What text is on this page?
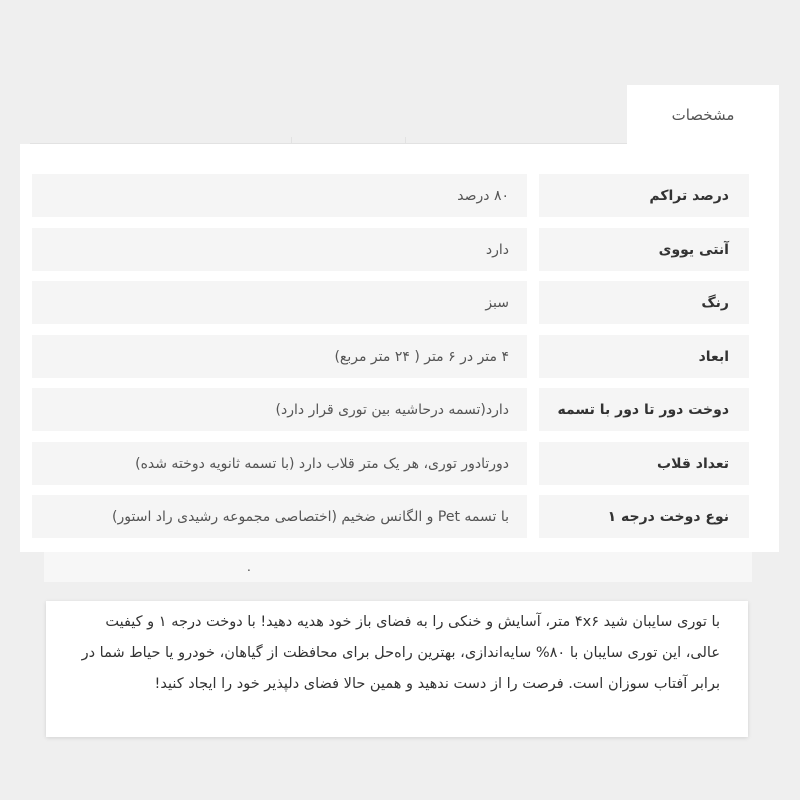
مشخصات
درصد تراکم
۸۰ درصد
آنتی یووی
دارد
رنگ
سبز
ابعاد
۴ متر در ۶ متر ( ۲۴ متر مربع)
دوخت دور تا دور با تسمه
دارد(تسمه درحاشیه بین توری قرار دارد)
تعداد قلاب
دورتادور توری، هر یک متر قلاب دارد (با تسمه ثانویه دوخته شده)
نوع دوخت درجه ۱
با تسمه Pet و الگانس ضخیم (اختصاصی مجموعه رشیدی راد استور)
.
با توری سایبان شید ۴x۶ متر، آسایش و خنکی را به فضای باز خود هدیه دهید! با دوخت درجه ۱ و کیفیت عالی، این توری سایبان با ۸۰% سایه‌اندازی، بهترین راه‌حل برای محافظت از گیاهان، خودرو یا حیاط شما در برابر آفتاب سوزان است. فرصت را از دست ندهید و همین حالا فضای دلپذیر خود را ایجاد کنید!
